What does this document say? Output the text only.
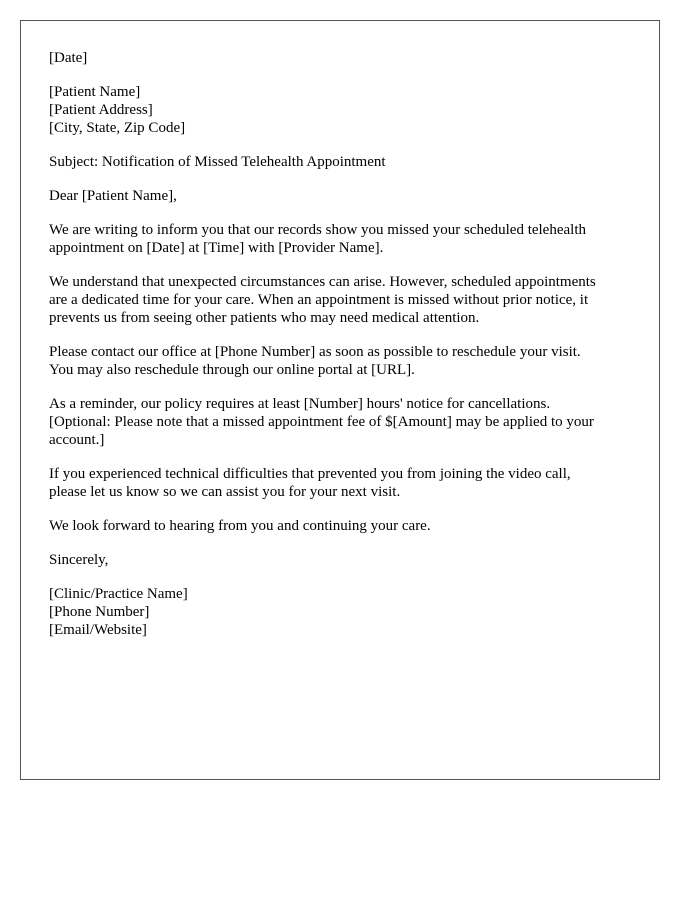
[Date]
[Patient Name]
[Patient Address]
[City, State, Zip Code]
Subject: Notification of Missed Telehealth Appointment
Dear [Patient Name],
We are writing to inform you that our records show you missed your scheduled telehealth
appointment on [Date] at [Time] with [Provider Name].
We understand that unexpected circumstances can arise. However, scheduled appointments
are a dedicated time for your care. When an appointment is missed without prior notice, it
prevents us from seeing other patients who may need medical attention.
Please contact our office at [Phone Number] as soon as possible to reschedule your visit.
You may also reschedule through our online portal at [URL].
As a reminder, our policy requires at least [Number] hours' notice for cancellations.
[Optional: Please note that a missed appointment fee of $[Amount] may be applied to your
account.]
If you experienced technical difficulties that prevented you from joining the video call,
please let us know so we can assist you for your next visit.
We look forward to hearing from you and continuing your care.
Sincerely,
[Clinic/Practice Name]
[Phone Number]
[Email/Website]
